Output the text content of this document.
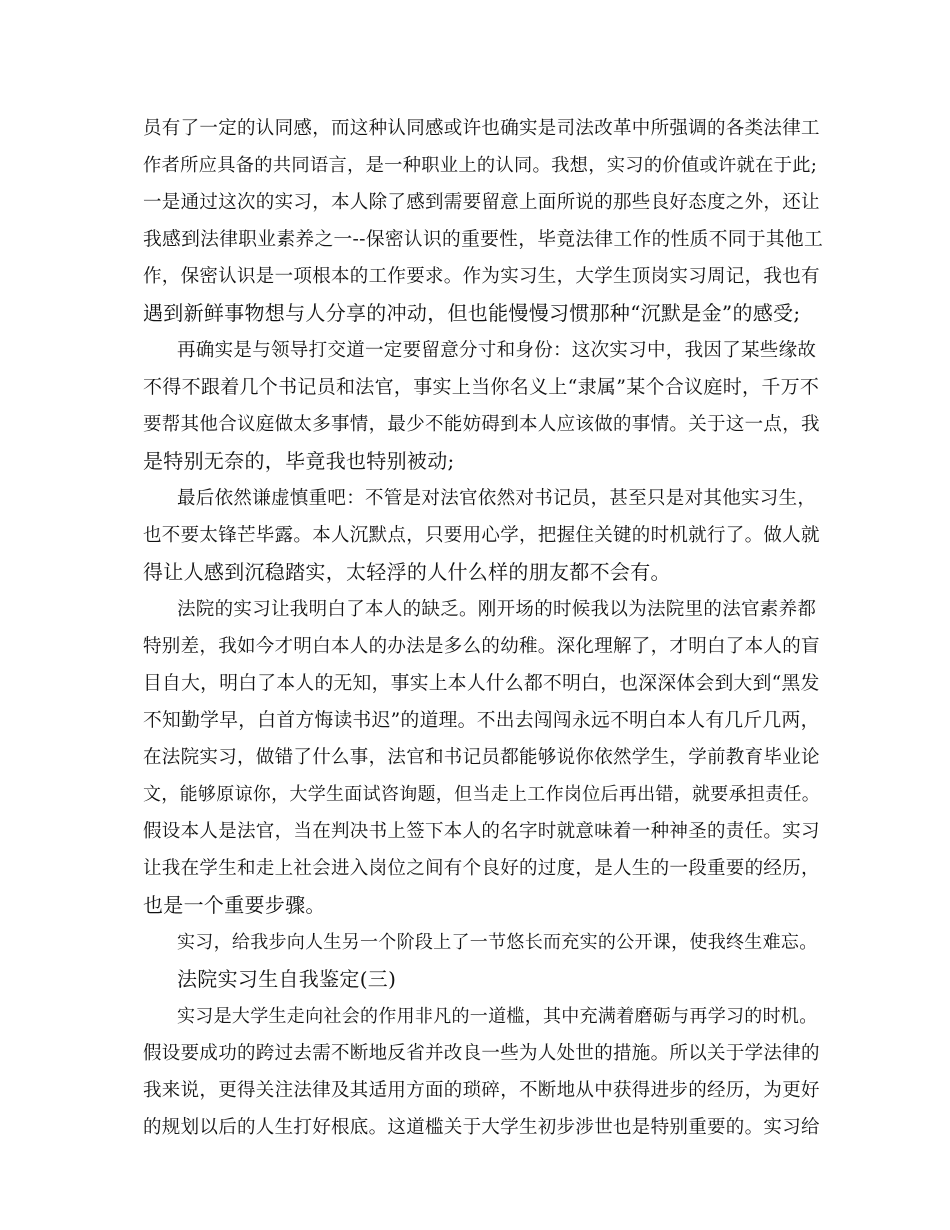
员有了一定的认同感，而这种认同感或许也确实是司法改革中所强调的各类法律工
作者所应具备的共同语言，是一种职业上的认同。我想，实习的价值或许就在于此;
一是通过这次的实习，本人除了感到需要留意上面所说的那些良好态度之外，还让
我感到法律职业素养之一--保密认识的重要性，毕竟法律工作的性质不同于其他工
作，保密认识是一项根本的工作要求。作为实习生，大学生顶岗实习周记，我也有
遇到新鲜事物想与人分享的冲动，但也能慢慢习惯那种“沉默是金”的感受;
再确实是与领导打交道一定要留意分寸和身份：这次实习中，我因了某些缘故
不得不跟着几个书记员和法官，事实上当你名义上“隶属”某个合议庭时，千万不
要帮其他合议庭做太多事情，最少不能妨碍到本人应该做的事情。关于这一点，我
是特别无奈的，毕竟我也特别被动;
最后依然谦虚慎重吧：不管是对法官依然对书记员，甚至只是对其他实习生，
也不要太锋芒毕露。本人沉默点，只要用心学，把握住关键的时机就行了。做人就
得让人感到沉稳踏实，太轻浮的人什么样的朋友都不会有。
法院的实习让我明白了本人的缺乏。刚开场的时候我以为法院里的法官素养都
特别差，我如今才明白本人的办法是多么的幼稚。深化理解了，才明白了本人的盲
目自大，明白了本人的无知，事实上本人什么都不明白，也深深体会到大到“黑发
不知勤学早，白首方悔读书迟”的道理。不出去闯闯永远不明白本人有几斤几两，
在法院实习，做错了什么事，法官和书记员都能够说你依然学生，学前教育毕业论
文，能够原谅你，大学生面试咨询题，但当走上工作岗位后再出错，就要承担责任。
假设本人是法官，当在判决书上签下本人的名字时就意味着一种神圣的责任。实习
让我在学生和走上社会进入岗位之间有个良好的过度，是人生的一段重要的经历，
也是一个重要步骤。
实习，给我步向人生另一个阶段上了一节悠长而充实的公开课，使我终生难忘。
法院实习生自我鉴定(三)
实习是大学生走向社会的作用非凡的一道槛，其中充满着磨砺与再学习的时机。
假设要成功的跨过去需不断地反省并改良一些为人处世的措施。所以关于学法律的
我来说，更得关注法律及其适用方面的琐碎，不断地从中获得进步的经历，为更好
的规划以后的人生打好根底。这道槛关于大学生初步涉世也是特别重要的。实习给
